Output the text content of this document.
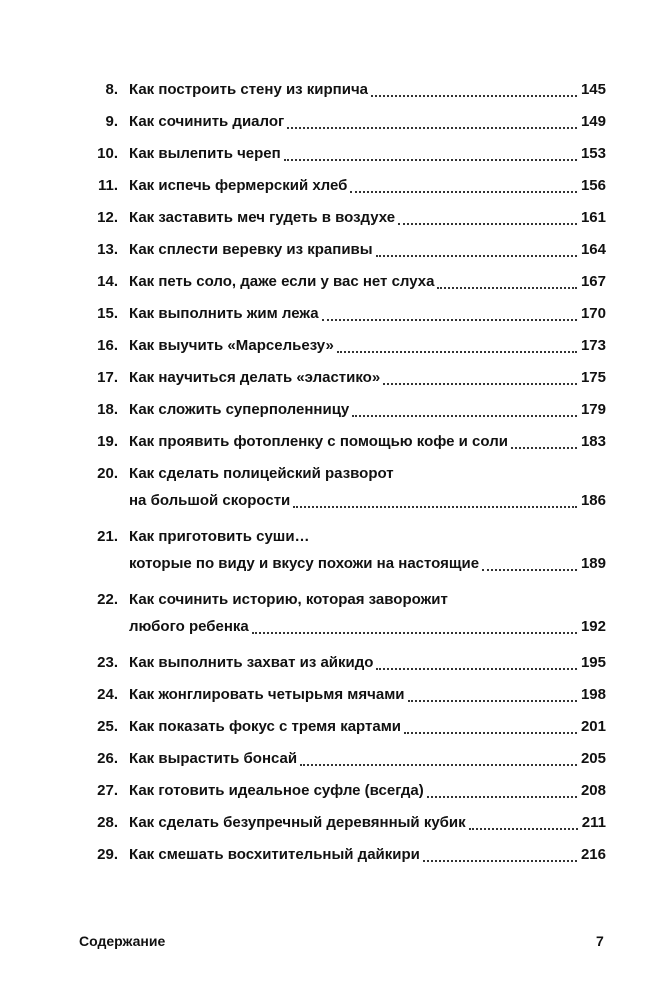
8. Как построить стену из кирпича	145
9. Как сочинить диалог	149
10. Как вылепить череп	153
11. Как испечь фермерский хлеб	156
12. Как заставить меч гудеть в воздухе	161
13. Как сплести веревку из крапивы	164
14. Как петь соло, даже если у вас нет слуха	167
15. Как выполнить жим лежа	170
16. Как выучить «Марсельезу»	173
17. Как научиться делать «эластико»	175
18. Как сложить суперполенницу	179
19. Как проявить фотопленку с помощью кофе и соли	183
20. Как сделать полицейский разворот
на большой скорости	186
21. Как приготовить суши…
которые по виду и вкусу похожи на настоящие	189
22. Как сочинить историю, которая заворожит
любого ребенка	192
23. Как выполнить захват из айкидо	195
24. Как жонглировать четырьмя мячами	198
25. Как показать фокус с тремя картами	201
26. Как вырастить бонсай	205
27. Как готовить идеальное суфле (всегда)	208
28. Как сделать безупречный деревянный кубик	211
29. Как смешать восхитительный дайкири	216
Содержание	7
